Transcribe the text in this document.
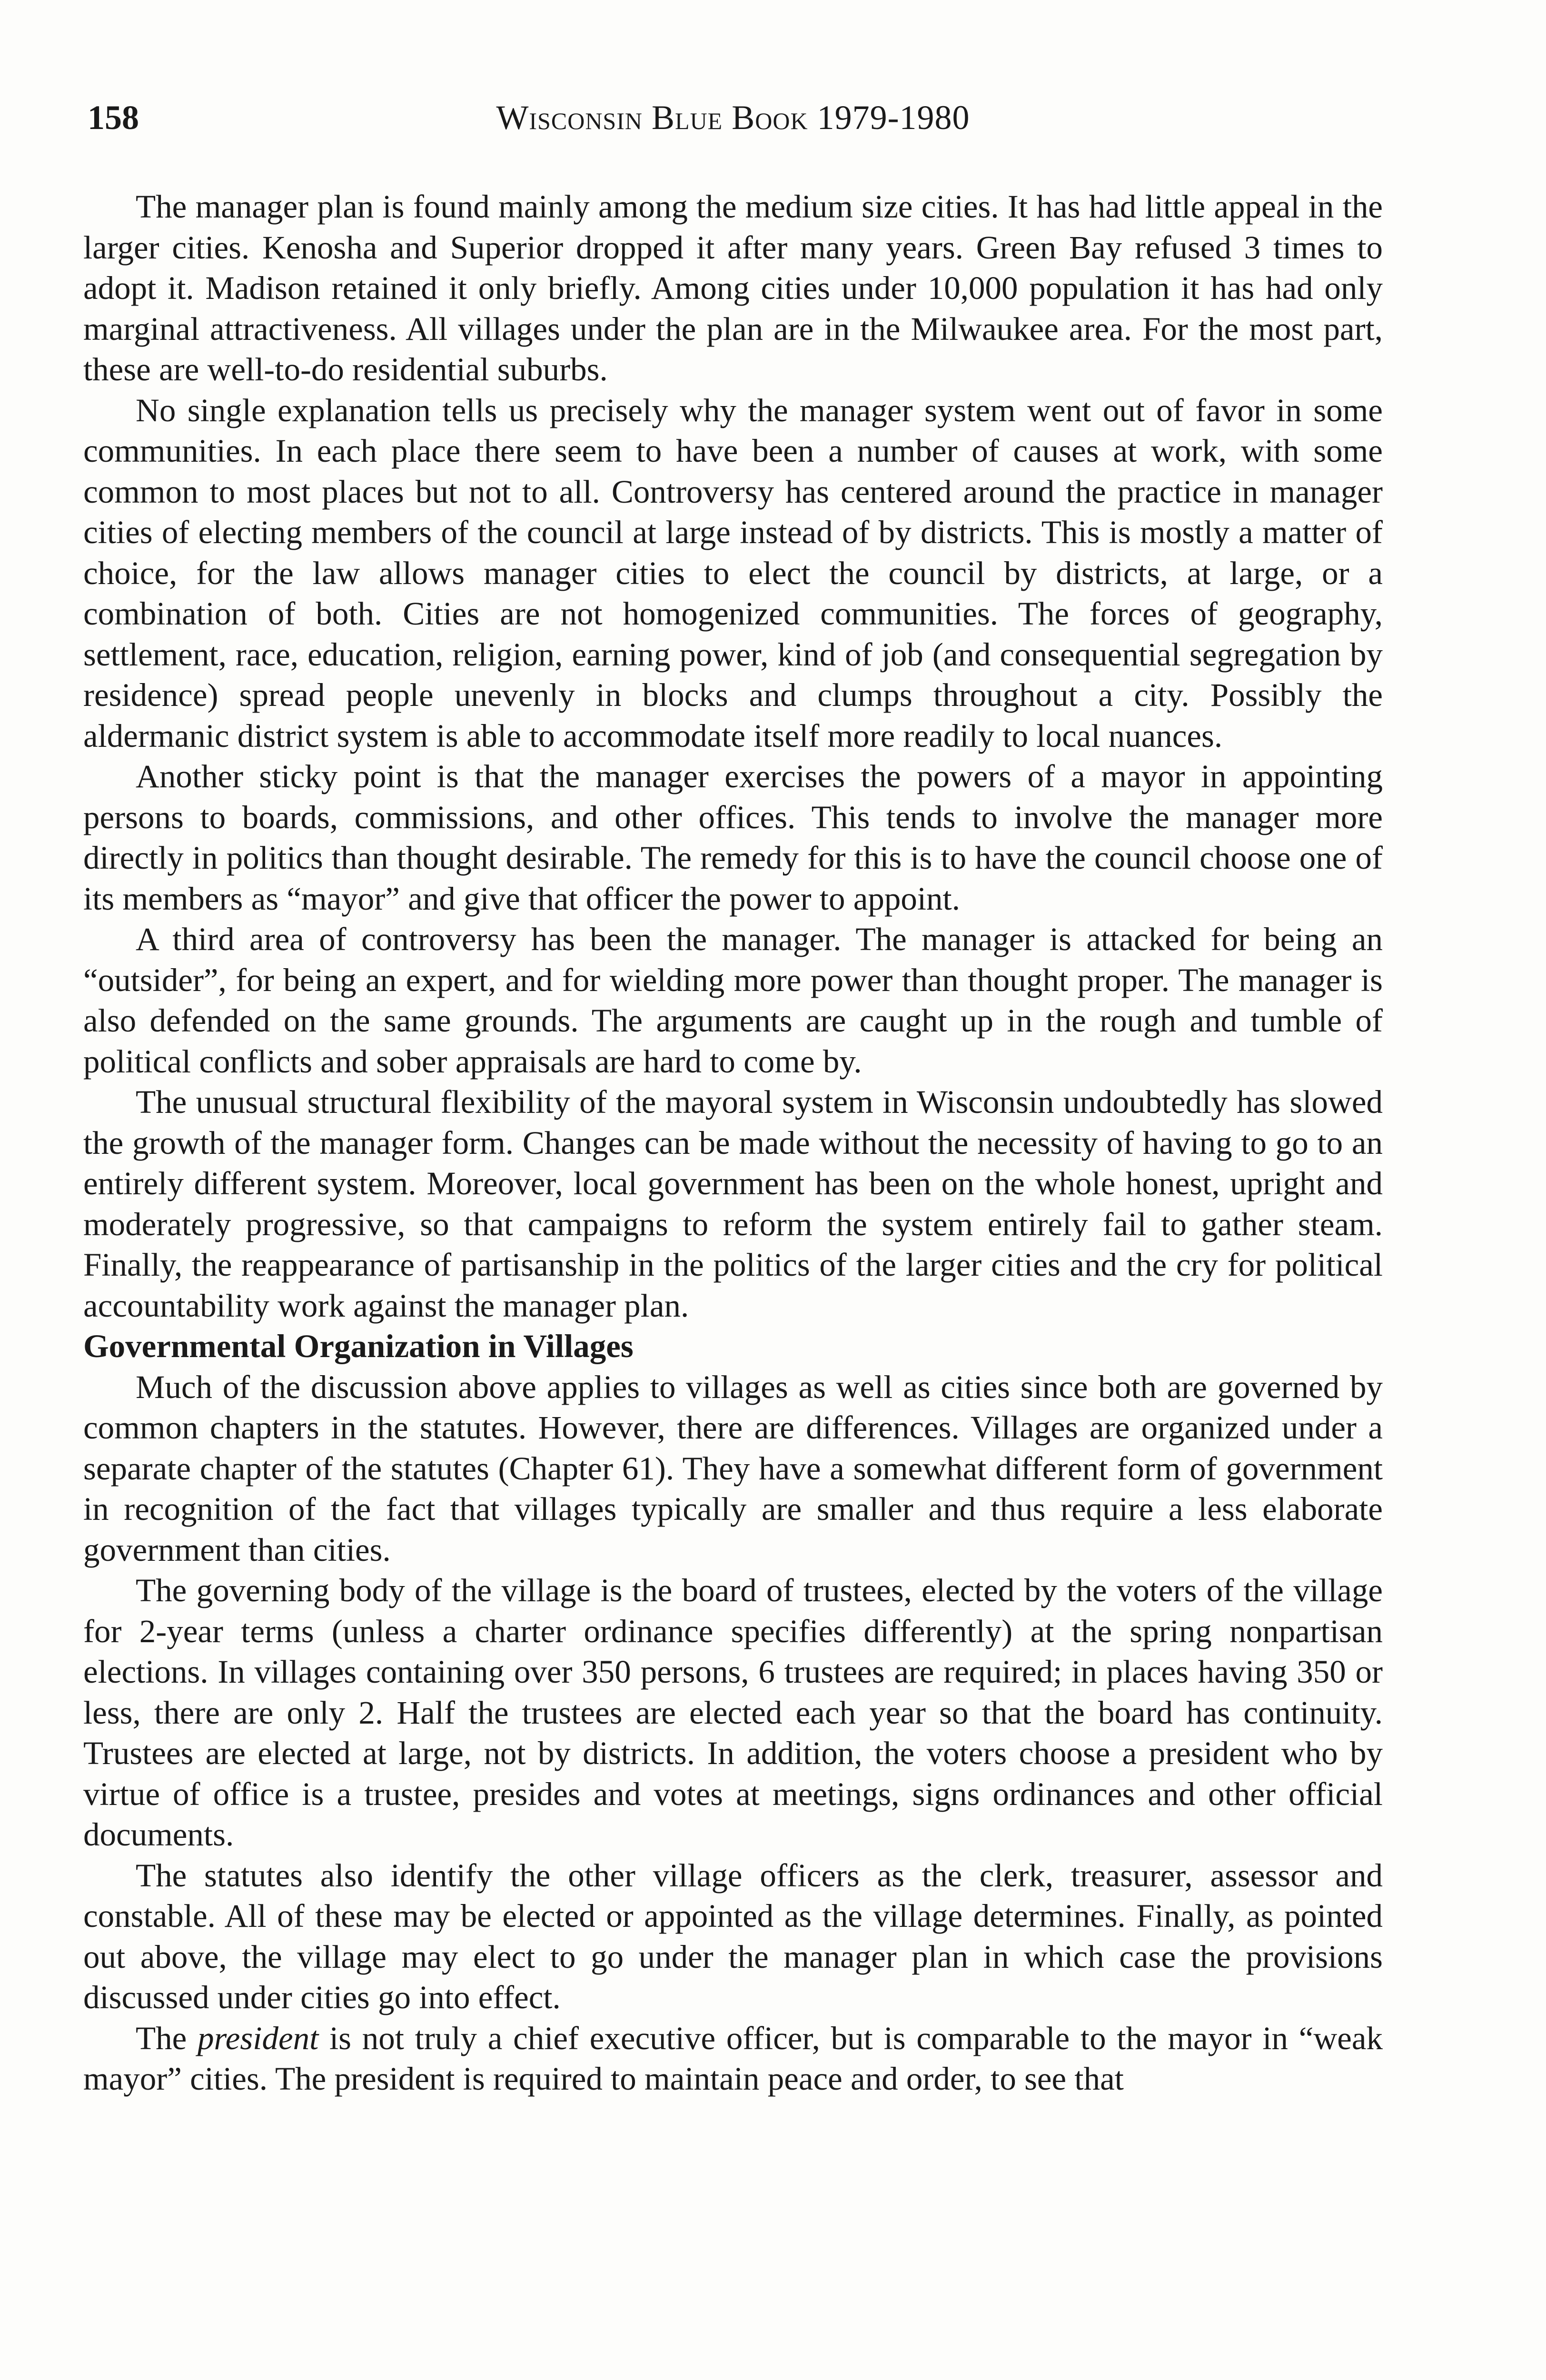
158	Wisconsin Blue Book 1979-1980

The manager plan is found mainly among the medium size cities. It has had little appeal in the larger cities. Kenosha and Superior dropped it after many years. Green Bay refused 3 times to adopt it. Madison retained it only briefly. Among cities under 10,000 population it has had only marginal attractiveness. All villages under the plan are in the Milwaukee area. For the most part, these are well-to-do residential suburbs.

No single explanation tells us precisely why the manager system went out of favor in some communities. In each place there seem to have been a number of causes at work, with some common to most places but not to all. Controversy has centered around the practice in manager cities of electing members of the council at large instead of by districts. This is mostly a matter of choice, for the law allows manager cities to elect the council by districts, at large, or a combination of both. Cities are not homogenized communities. The forces of geography, settlement, race, education, religion, earning power, kind of job (and consequential segregation by residence) spread people unevenly in blocks and clumps throughout a city. Possibly the aldermanic district system is able to accommodate itself more readily to local nuances.

Another sticky point is that the manager exercises the powers of a mayor in appointing persons to boards, commissions, and other offices. This tends to involve the manager more directly in politics than thought desirable. The remedy for this is to have the council choose one of its members as “mayor” and give that officer the power to appoint.

A third area of controversy has been the manager. The manager is attacked for being an “outsider”, for being an expert, and for wielding more power than thought proper. The manager is also defended on the same grounds. The arguments are caught up in the rough and tumble of political conflicts and sober appraisals are hard to come by.

The unusual structural flexibility of the mayoral system in Wisconsin undoubtedly has slowed the growth of the manager form. Changes can be made without the necessity of having to go to an entirely different system. Moreover, local government has been on the whole honest, upright and moderately progressive, so that campaigns to reform the system entirely fail to gather steam. Finally, the reappearance of partisanship in the politics of the larger cities and the cry for political accountability work against the manager plan.

Governmental Organization in Villages

Much of the discussion above applies to villages as well as cities since both are governed by common chapters in the statutes. However, there are differences. Villages are organized under a separate chapter of the statutes (Chapter 61). They have a somewhat different form of government in recognition of the fact that villages typically are smaller and thus require a less elaborate government than cities.

The governing body of the village is the board of trustees, elected by the voters of the village for 2-year terms (unless a charter ordinance specifies differently) at the spring nonpartisan elections. In villages containing over 350 persons, 6 trustees are required; in places having 350 or less, there are only 2. Half the trustees are elected each year so that the board has continuity. Trustees are elected at large, not by districts. In addition, the voters choose a president who by virtue of office is a trustee, presides and votes at meetings, signs ordinances and other official documents.

The statutes also identify the other village officers as the clerk, treasurer, assessor and constable. All of these may be elected or appointed as the village determines. Finally, as pointed out above, the village may elect to go under the manager plan in which case the provisions discussed under cities go into effect.

The president is not truly a chief executive officer, but is comparable to the mayor in “weak mayor” cities. The president is required to maintain peace and order, to see that
